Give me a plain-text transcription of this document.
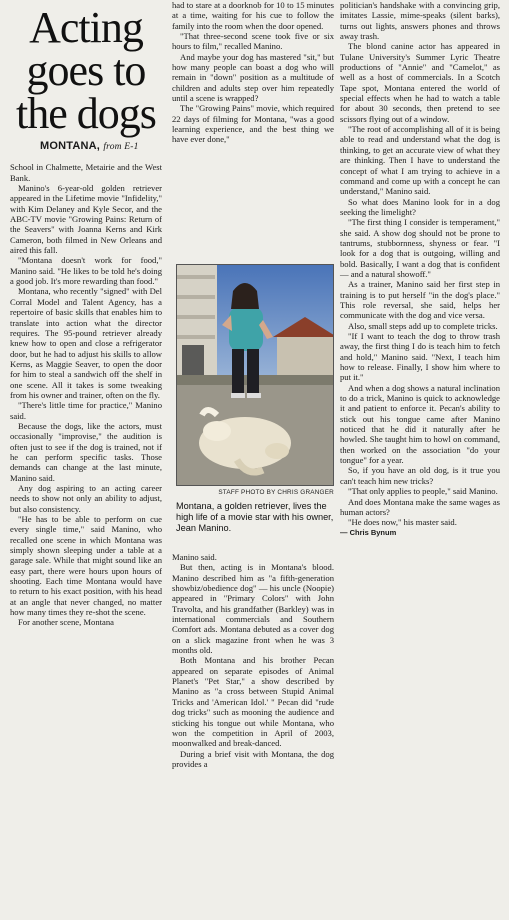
Acting goes to the dogs
MONTANA, from E-1

School in Chalmette, Metairie and the West Bank.

Manino's 6-year-old golden retriever appeared in the Lifetime movie "Infidelity," with Kim Delaney and Kyle Secor, and the ABC-TV movie "Growing Pains: Return of the Seavers" with Joanna Kerns and Kirk Cameron, both filmed in New Orleans and aired this fall.

"Montana doesn't work for food," Manino said. "He likes to be told he's doing a good job. It's more rewarding than food."

Montana, who recently "signed" with Del Corral Model and Talent Agency, has a repertoire of basic skills that enables him to translate into action what the director requires. The 95-pound retriever already knew how to open and close a refrigerator door, but he had to adjust his skills to allow Kerns, as Maggie Seaver, to open the door for him to steal a sandwich off the shelf in one scene. All it takes is some tweaking from his owner and trainer, often on the fly.

"There's little time for practice," Manino said.

Because the dogs, like the actors, must occasionally "improvise," the audition is often just to see if the dog is trained, not if he can perform specific tasks. Those demands can change at the last minute, Manino said.

Any dog aspiring to an acting career needs to show not only an ability to adjust, but also consistency.

"He has to be able to perform on cue every single time," said Manino, who recalled one scene in which Montana was simply shown sleeping under a table at a garage sale. While that might sound like an easy part, there were hours upon hours of shooting. Each time Montana would have to return to his exact position, with his head at an angle that never changed, no matter how many times they re-shot the scene.

For another scene, Montana

had to stare at a doorknob for 10 to 15 minutes at a time, waiting for his cue to follow the family into the room when the door opened.

"That three-second scene took five or six hours to film," recalled Manino.

And maybe your dog has mastered "sit," but how many people can boast a dog who will remain in "down" position as a multitude of children and adults step over him repeatedly until a scene is wrapped?

The "Growing Pains" movie, which required 22 days of filming for Montana, "was a good learning experience, and the best thing we have ever done,"

STAFF PHOTO BY CHRIS GRANGER
Montana, a golden retriever, lives the high life of a movie star with his owner, Jean Manino.

Manino said.

But then, acting is in Montana's blood. Manino described him as "a fifth-generation showbiz/obedience dog" — his uncle (Noopie) appeared in "Primary Colors" with John Travolta, and his grandfather (Barkley) was in international commercials and Southern Comfort ads. Montana debuted as a cover dog on a slick magazine front when he was 3 months old.

Both Montana and his brother Pecan appeared on separate episodes of Animal Planet's "Pet Star," a show described by Manino as "a cross between Stupid Animal Tricks and 'American Idol.' " Pecan did "rude dog tricks" such as mooning the audience and sticking his tongue out while Montana, who won the competition in April of 2003, moonwalked and break-danced.

During a brief visit with Montana, the dog provides a

politician's handshake with a convincing grip, imitates Lassie, mime-speaks (silent barks), turns out lights, answers phones and throws away trash.

The blond canine actor has appeared in Tulane University's Summer Lyric Theatre productions of "Annie" and "Camelot," as well as a host of commercials. In a Scotch Tape spot, Montana entered the world of special effects when he had to watch a table for about 30 seconds, then pretend to see scissors flying out of a window.

"The root of accomplishing all of it is being able to read and understand what the dog is thinking, to get an accurate view of what they are thinking. Then I have to understand the concept of what I am trying to achieve in a command and come up with a concept he can understand," Manino said.

So what does Manino look for in a dog seeking the limelight?

"The first thing I consider is temperament," she said. A show dog should not be prone to tantrums, stubbornness, shyness or fear. "I look for a dog that is outgoing, willing and bold. Basically, I want a dog that is confident — and a natural showoff."

As a trainer, Manino said her first step in training is to put herself "in the dog's place." This role reversal, she said, helps her communicate with the dog and vice versa.

Also, small steps add up to complete tricks.

"If I want to teach the dog to throw trash away, the first thing I do is teach him to fetch and hold," Manino said. "Next, I teach him how to release. Finally, I show him where to put it."

And when a dog shows a natural inclination to do a trick, Manino is quick to acknowledge it and patient to enforce it. Pecan's ability to stick out his tongue came after Manino noticed that he did it naturally after he howled. She taught him to howl on command, then worked on the association "do your tongue" for a year.

So, if you have an old dog, is it true you can't teach him new tricks?

"That only applies to people," said Manino.

And does Montana make the same wages as human actors?

"He does now," his master said.

— Chris Bynum
